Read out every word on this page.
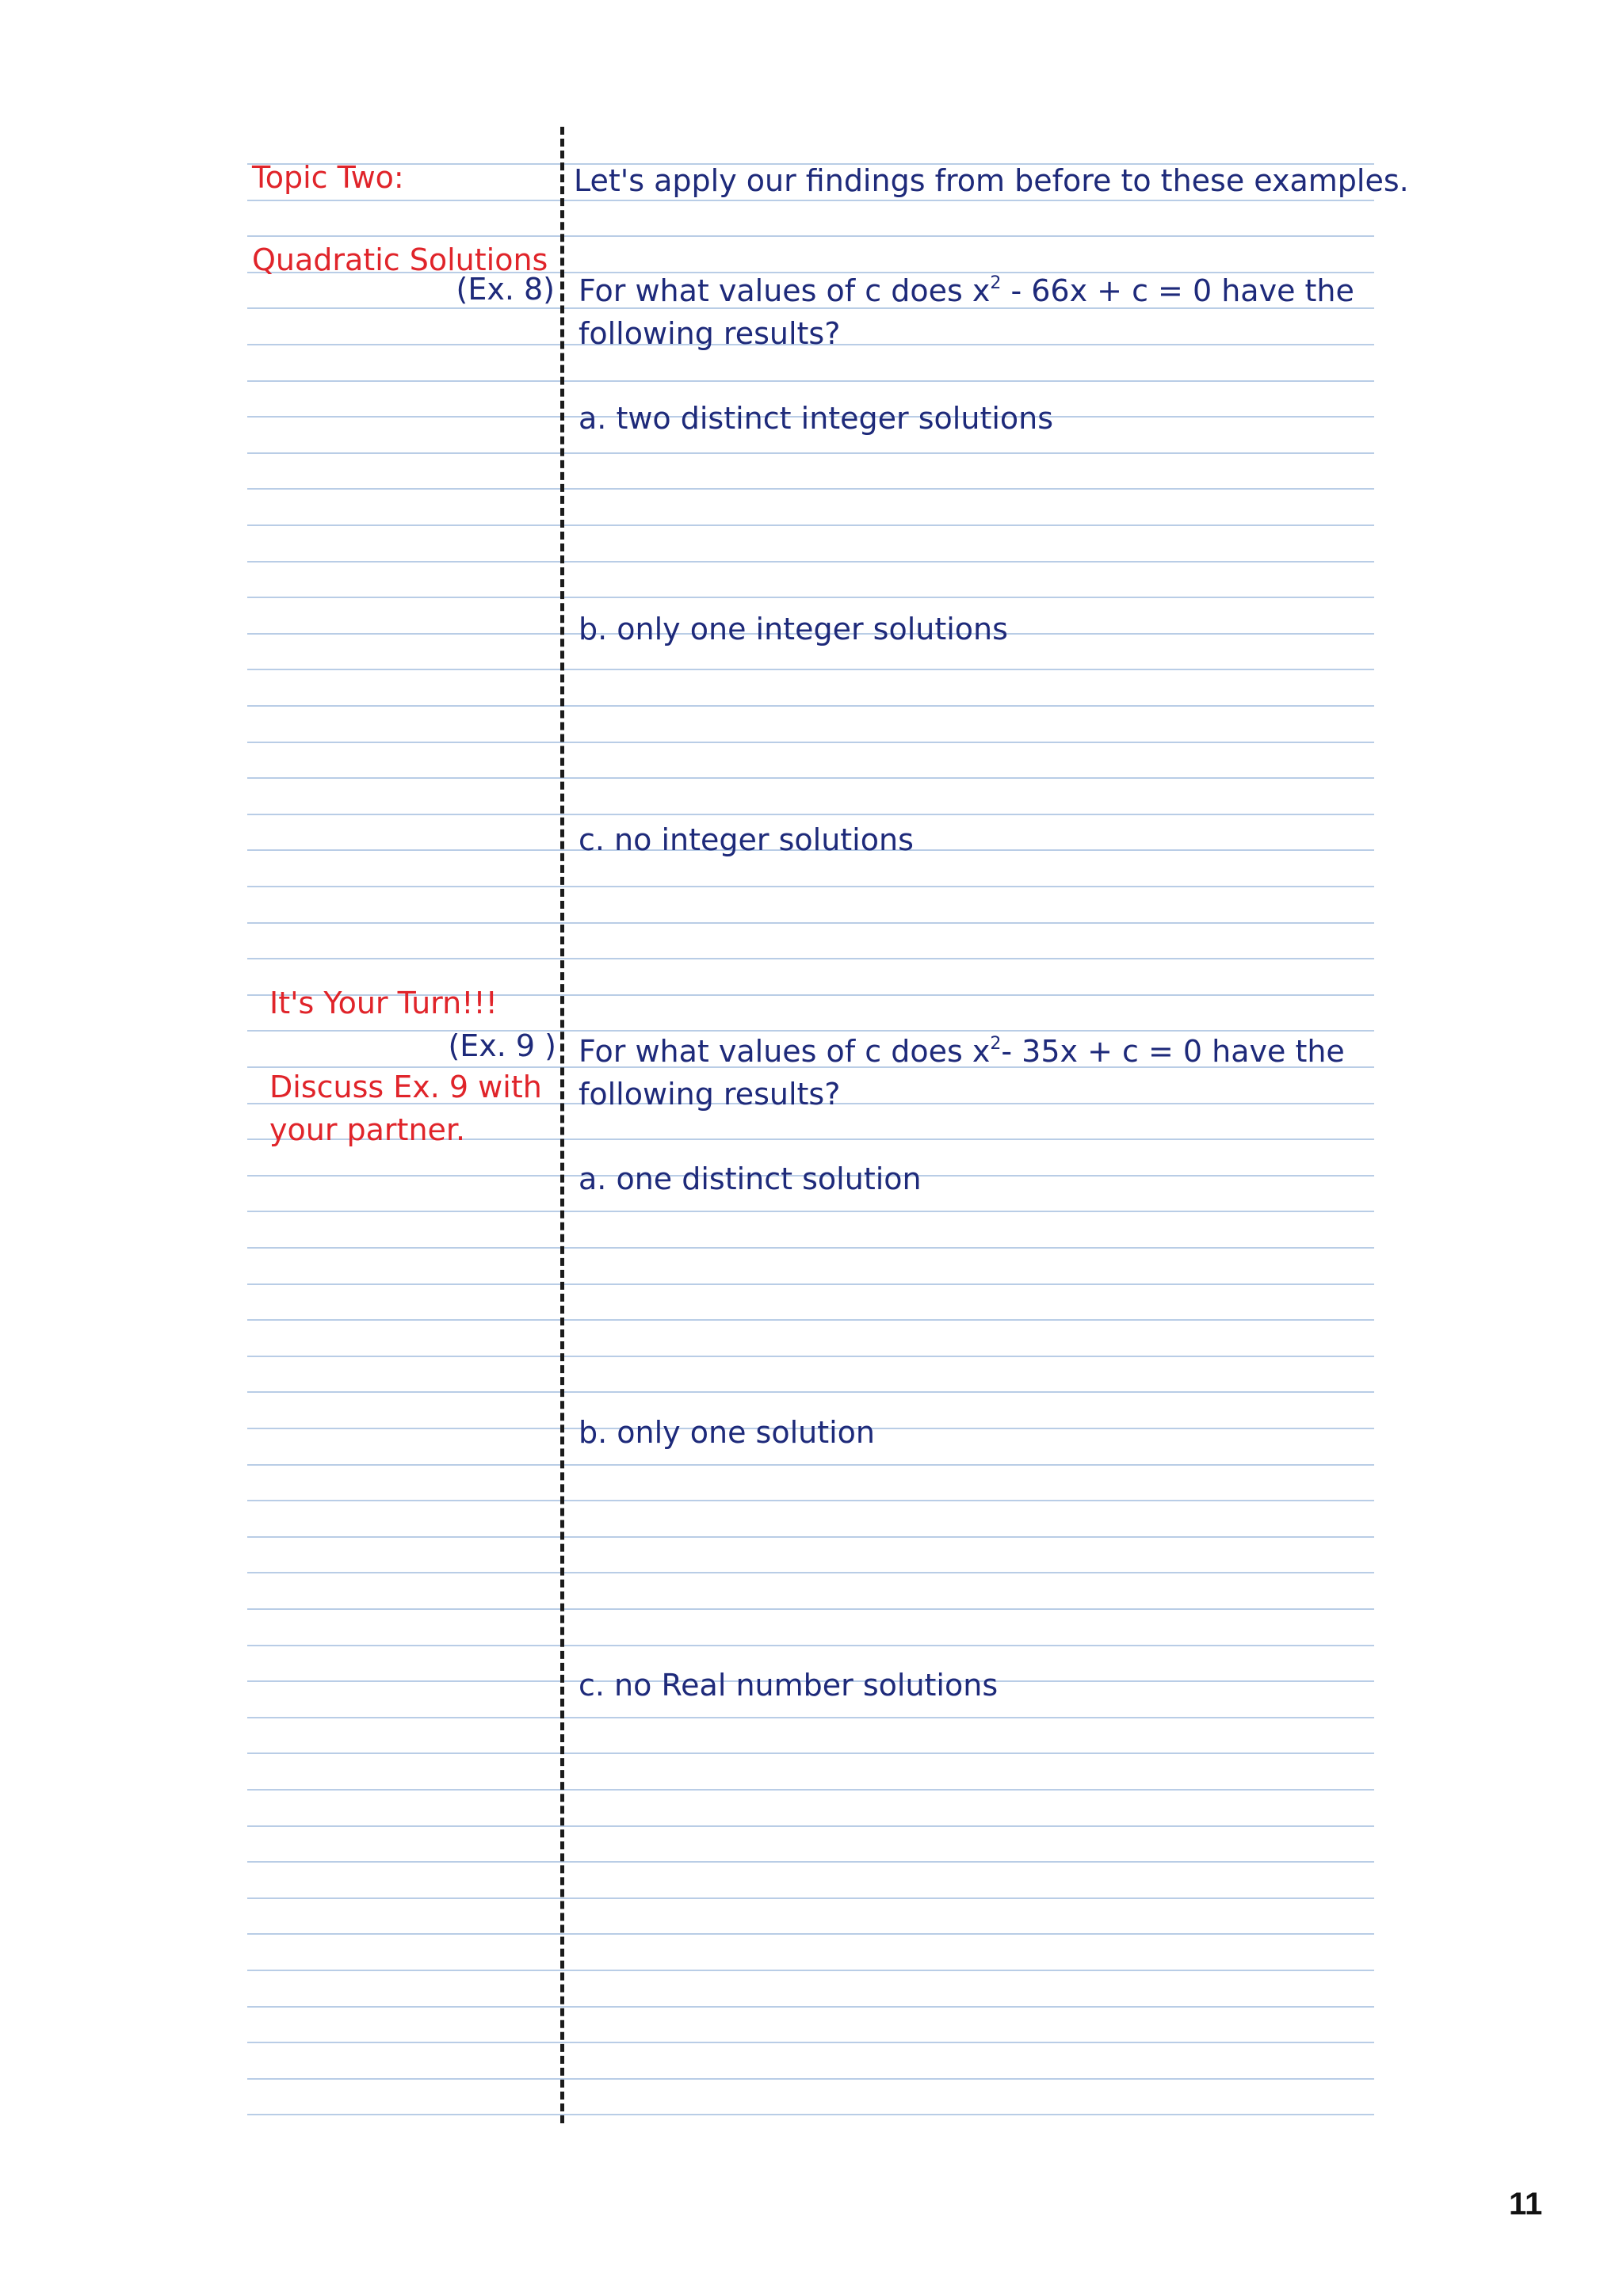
Topic Two:
Quadratic Solutions
(Ex. 8)
It's Your Turn!!!
(Ex. 9 )
Discuss Ex. 9 with
your partner.
Let's apply our findings from before to these examples.
For what values of c does $x^2 - 66x + c = 0$ have the
following results?
a. two distinct integer solutions
b. only one integer solutions
c. no integer solutions
For what values of c does $x^2-$ 35x + c = 0 have the
following results?
a. one distinct solution
b. only one solution
c. no Real number solutions
11
